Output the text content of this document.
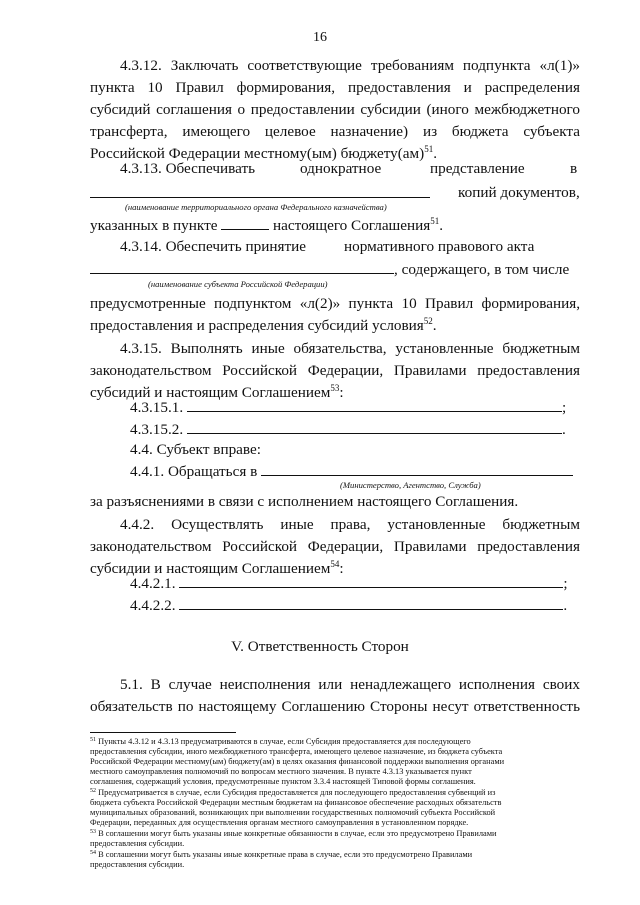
16
4.3.12. Заключать соответствующие требованиям подпункта «л(1)»
пункта 10 Правил формирования, предоставления и распределения
субсидий соглашения о предоставлении субсидии (иного межбюджетного
трансферта, имеющего целевое назначение) из бюджета субъекта
Российской Федерации местному(ым) бюджету(ам)$^{51}$.
4.3.13. Обеспечивать	однократное	представление	в
копий документов,
(наименование территориального органа Федерального казначейства)
указанных в пункте	настоящего Соглашения$^{51}$.
4.3.14. Обеспечить принятие нормативного правового акта
, содержащего, в том числе
(наименование субъекта Российской Федерации)
предусмотренные подпунктом «л(2)» пункта 10 Правил формирования,
предоставления и распределения субсидий условия$^{52}$.
4.3.15. Выполнять иные обязательства, установленные бюджетным
законодательством Российской Федерации, Правилами предоставления
субсидий и настоящим Соглашением$^{53}$:
4.3.15.1.	;
4.3.15.2.	.
4.4. Субъект вправе:
4.4.1. Обращаться в
(Министерство, Агентство, Служба)
за разъяснениями в связи с исполнением настоящего Соглашения.
4.4.2. Осуществлять иные права, установленные бюджетным
законодательством Российской Федерации, Правилами предоставления
субсидии и настоящим Соглашением$^{54}$:
4.4.2.1.	;
4.4.2.2.	.
V. Ответственность Сторон
5.1. В случае неисполнения или ненадлежащего исполнения своих
обязательств по настоящему Соглашению Стороны несут ответственность
$^{51}$ Пункты 4.3.12 и 4.3.13 предусматриваются в случае, если Субсидия предоставляется для последующего
предоставления субсидии, иного межбюджетного трансферта, имеющего целевое назначение, из бюджета субъекта
Российской Федерации местному(ым) бюджету(ам) в целях оказания финансовой поддержки выполнения органами
местного самоуправления полномочий по вопросам местного значения. В пункте 4.3.13 указывается пункт
соглашения, содержащий условия, предусмотренные пунктом 3.3.4 настоящей Типовой формы соглашения.
$^{52}$ Предусматривается в случае, если Субсидия предоставляется для последующего предоставления субвенций из
бюджета субъекта Российской Федерации местным бюджетам на финансовое обеспечение расходных обязательств
муниципальных образований, возникающих при выполнении государственных полномочий субъекта Российской
Федерации, переданных для осуществления органам местного самоуправления в установленном порядке.
$^{53}$ В соглашении могут быть указаны иные конкретные обязанности в случае, если это предусмотрено Правилами
предоставления субсидии.
$^{54}$ В соглашении могут быть указаны иные конкретные права в случае, если это предусмотрено Правилами
предоставления субсидии.
